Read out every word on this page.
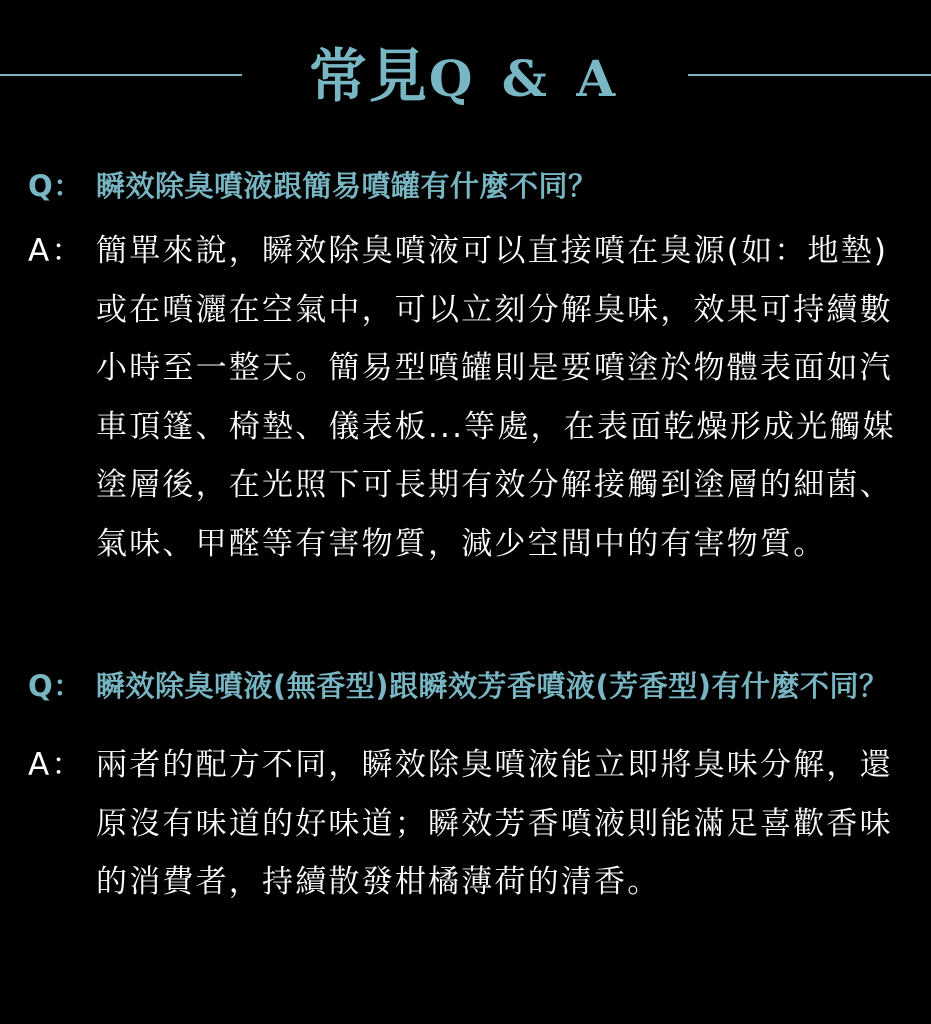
常見Q & A
Q： 瞬效除臭噴液跟簡易噴罐有什麼不同？
A： 簡單來說，瞬效除臭噴液可以直接噴在臭源(如：地墊)或在噴灑在空氣中，可以立刻分解臭味，效果可持續數小時至一整天。簡易型噴罐則是要噴塗於物體表面如汽車頂篷、椅墊、儀表板...等處，在表面乾燥形成光觸媒塗層後，在光照下可長期有效分解接觸到塗層的細菌、氣味、甲醛等有害物質，減少空間中的有害物質。
Q： 瞬效除臭噴液(無香型)跟瞬效芳香噴液(芳香型)有什麼不同？
A： 兩者的配方不同，瞬效除臭噴液能立即將臭味分解，還原沒有味道的好味道；瞬效芳香噴液則能滿足喜歡香味的消費者，持續散發柑橘薄荷的清香。
